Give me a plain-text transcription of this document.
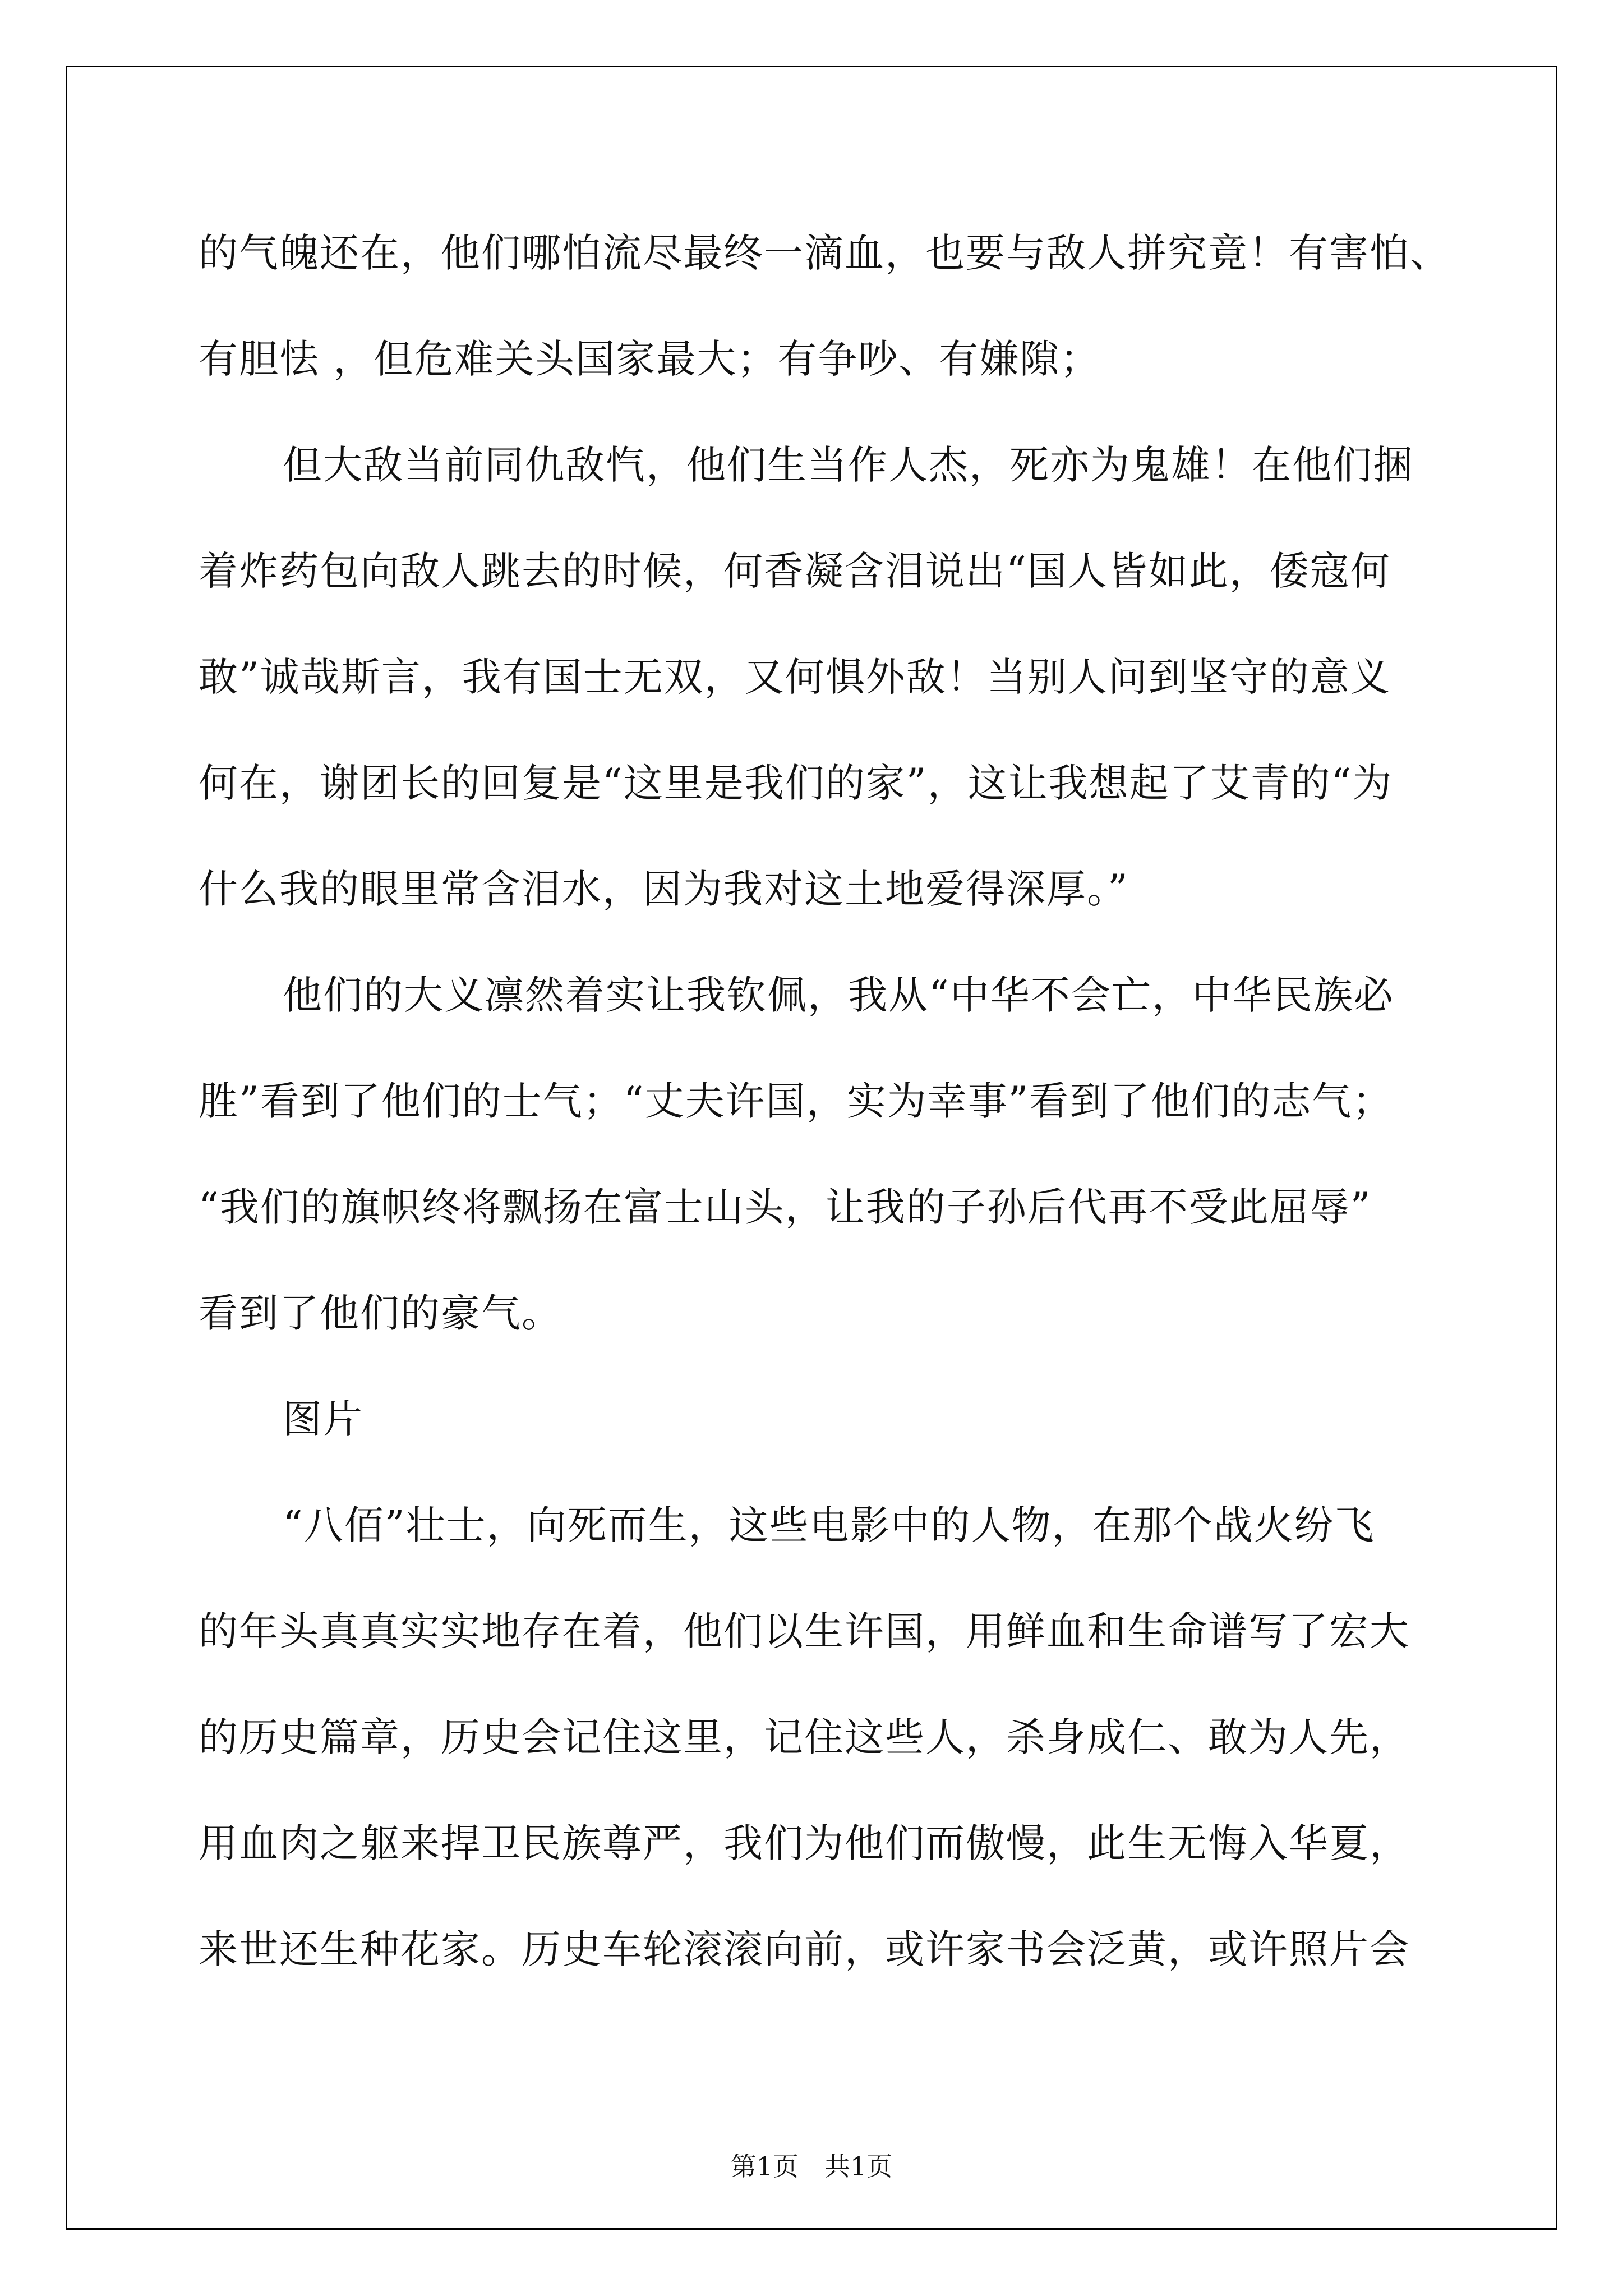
的气魄还在，他们哪怕流尽最终一滴血，也要与敌人拼究竟！有害怕、
有胆怯 ，但危难关头国家最大；有争吵、有嫌隙；
但大敌当前同仇敌忾，他们生当作人杰，死亦为鬼雄！在他们捆
着炸药包向敌人跳去的时候，何香凝含泪说出“国人皆如此，倭寇何
敢”诚哉斯言，我有国士无双，又何惧外敌！当别人问到坚守的意义
何在，谢团长的回复是“这里是我们的家”，这让我想起了艾青的“为
什么我的眼里常含泪水，因为我对这土地爱得深厚。”
他们的大义凛然着实让我钦佩，我从“中华不会亡，中华民族必
胜”看到了他们的士气；“丈夫许国，实为幸事”看到了他们的志气；
“我们的旗帜终将飘扬在富士山头，让我的子孙后代再不受此屈辱”
看到了他们的豪气。
图片
“八佰”壮士，向死而生，这些电影中的人物，在那个战火纷飞
的年头真真实实地存在着，他们以生许国，用鲜血和生命谱写了宏大
的历史篇章，历史会记住这里，记住这些人，杀身成仁、敢为人先，
用血肉之躯来捍卫民族尊严，我们为他们而傲慢，此生无悔入华夏，
来世还生种花家。历史车轮滚滚向前，或许家书会泛黄，或许照片会
第1页　共1页
